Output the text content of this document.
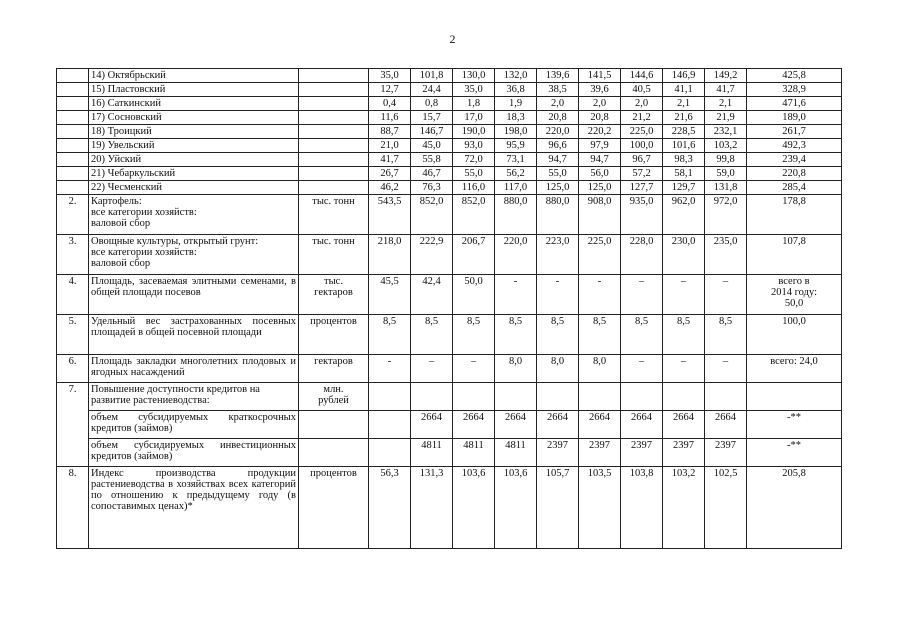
2
	14) Октябрьский		35,0	101,8	130,0	132,0	139,6	141,5	144,6	146,9	149,2	425,8
	15) Пластовский		12,7	24,4	35,0	36,8	38,5	39,6	40,5	41,1	41,7	328,9
	16) Саткинский		0,4	0,8	1,8	1,9	2,0	2,0	2,0	2,1	2,1	471,6
	17) Сосновский		11,6	15,7	17,0	18,3	20,8	20,8	21,2	21,6	21,9	189,0
	18) Троицкий		88,7	146,7	190,0	198,0	220,0	220,2	225,0	228,5	232,1	261,7
	19) Увельский		21,0	45,0	93,0	95,9	96,6	97,9	100,0	101,6	103,2	492,3
	20) Уйский		41,7	55,8	72,0	73,1	94,7	94,7	96,7	98,3	99,8	239,4
	21) Чебаркульский		26,7	46,7	55,0	56,2	55,0	56,0	57,2	58,1	59,0	220,8
	22) Чесменский		46,2	76,3	116,0	117,0	125,0	125,0	127,7	129,7	131,8	285,4
2.	Картофель:
все категории хозяйств:
валовой сбор	тыс. тонн	543,5	852,0	852,0	880,0	880,0	908,0	935,0	962,0	972,0	178,8
3.	Овощные культуры, открытый грунт:
все категории хозяйств:
валовой сбор	тыс. тонн	218,0	222,9	206,7	220,0	223,0	225,0	228,0	230,0	235,0	107,8
4.	Площадь, засеваемая элитными семенами, в общей площади посевов	тыс.
гектаров	45,5	42,4	50,0	-	-	-	–	–	–	всего в
2014 году:
50,0

5.	Удельный вес застрахованных посевных площадей в общей посевной площади	процентов	8,5	8,5	8,5	8,5	8,5	8,5	8,5	8,5	8,5	100,0
6.	Площадь закладки многолетних плодовых и ягодных насаждений	гектаров	-	–	–	8,0	8,0	8,0	–	–	–	всего: 24,0
7.	Повышение доступности кредитов на развитие растениеводства:	млн.
рублей										

	объем субсидируемых краткосрочных кредитов (займов)			2664	2664	2664	2664	2664	2664	2664	2664	-**
	объем субсидируемых инвестиционных кредитов (займов)			4811	4811	4811	2397	2397	2397	2397	2397	-**
8.	Индекс производства продукции растениеводства в хозяйствах всех категорий по отношению к предыдущему году (в сопоставимых ценах)*	процентов	56,3	131,3	103,6	103,6	105,7	103,5	103,8	103,2	102,5	205,8
